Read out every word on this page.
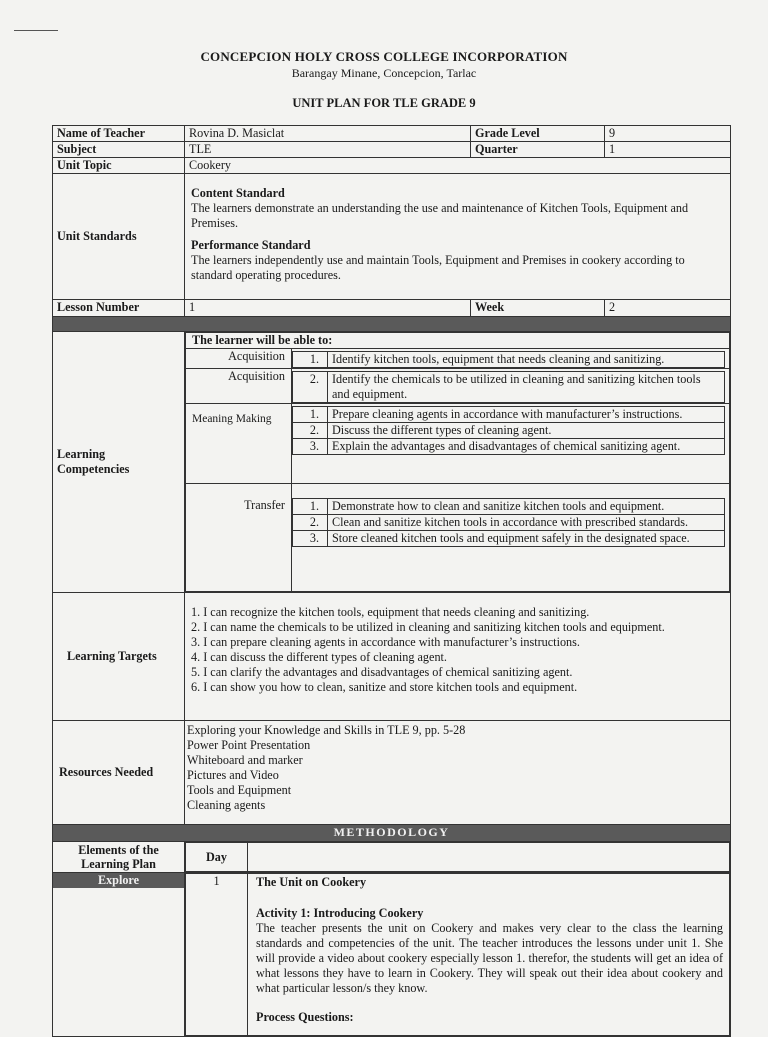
CONCEPCION HOLY CROSS COLLEGE INCORPORATION
Barangay Minane, Concepcion, Tarlac
UNIT PLAN FOR TLE GRADE 9
Name of Teacher	Rovina D. Masiclat	Grade Level	9
Subject	TLE	Quarter	1
Unit Topic	Cookery
Unit Standards	

Content Standard

The learners demonstrate an understanding the use and maintenance of Kitchen Tools, Equipment and Premises.

Performance Standard

The learners independently use and maintain Tools, Equipment and Premises in cookery according to standard operating procedures.

Lesson Number	1	Week	2

Learning
Competencies	
The learner will be able to:
Acquisition	1.	Identify kitchen tools, equipment that needs cleaning and sanitizing.

Acquisition	2.	Identify the chemicals to be utilized in cleaning and sanitizing kitchen tools and equipment.

Meaning Making		1.	Prepare cleaning agents in accordance with manufacturer’s instructions.
2.	Discuss the different types of cleaning agent.
3.	Explain the advantages and disadvantages of chemical sanitizing agent.

Transfer	1.	Demonstrate how to clean and sanitize kitchen tools and equipment.
2.	Clean and sanitize kitchen tools in accordance with prescribed standards.
3.	Store cleaned kitchen tools and equipment safely in the designated space.

Learning Targets	

1. I can recognize the kitchen tools, equipment that needs cleaning and sanitizing.

2. I can name the chemicals to be utilized in cleaning and sanitizing kitchen tools and equipment.

3. I can prepare cleaning agents in accordance with manufacturer’s instructions.

4. I can discuss the different types of cleaning agent.

5. I can clarify the advantages and disadvantages of chemical sanitizing agent.

6. I can show you how to clean, sanitize and store kitchen tools and equipment.

Resources Needed	

Exploring your Knowledge and Skills in TLE 9, pp. 5-28

Power Point Presentation

Whiteboard and marker

Pictures and Video

Tools and Equipment

Cleaning agents

METHODOLOGY
Elements of the Learning Plan	
Day	

Explore
		1	The Unit on Cookery

Activity 1: Introducing Cookery

The teacher presents the unit on Cookery and makes very clear to the class the learning standards and competencies of the unit. The teacher introduces the lessons under unit 1. She will provide a video about cookery especially lesson 1. therefor, the students will get an idea of what lessons they have to learn in Cookery. They will speak out their idea about cookery and what particular lesson/s they know.

Process Questions:
